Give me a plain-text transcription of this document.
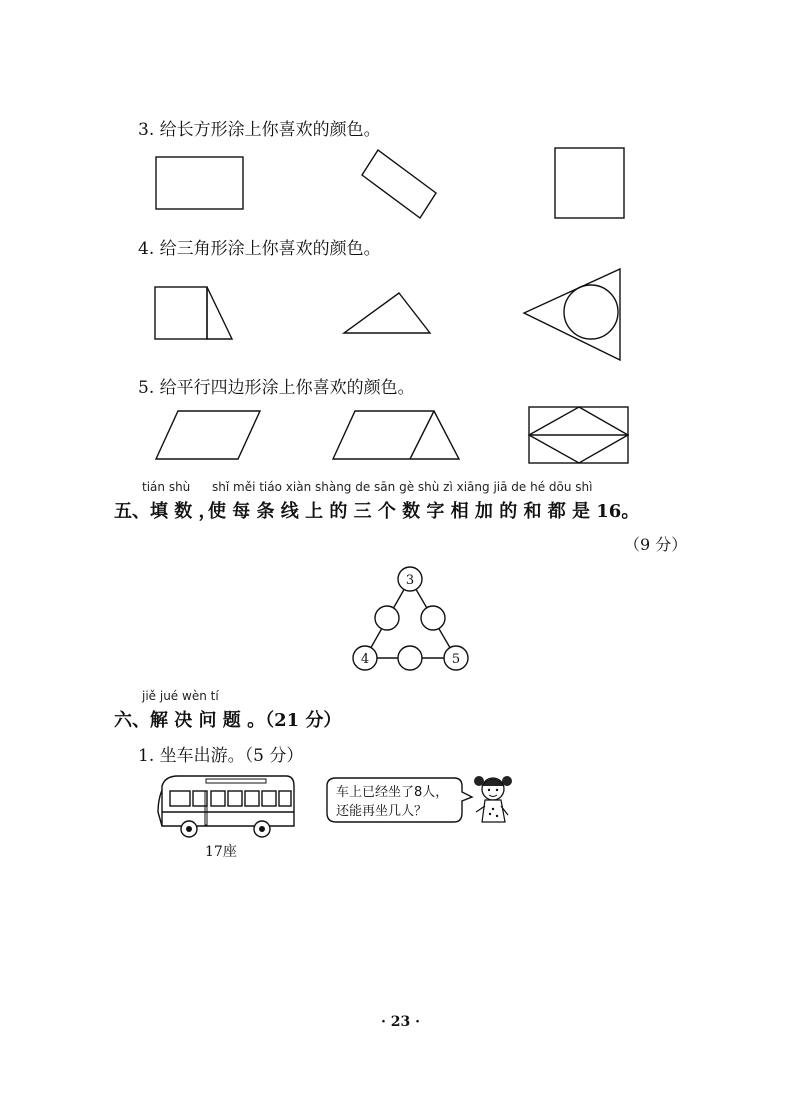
3. 给长方形涂上你喜欢的颜色。
4. 给三角形涂上你喜欢的颜色。
5. 给平行四边形涂上你喜欢的颜色。
tián shù shǐ měi tiáo xiàn shàng de sān gè shù zì xiāng jiā de hé dōu shì
五、填 数 ，
使 每 条 线 上 的 三 个 数 字 相 加 的 和 都 是 16。
（9 分）
3
4	5
jiě jué wèn tí
六、解 决 问 题 。（21 分）
1. 坐车出游。（5 分）
17座
车上已经坐了8人，
还能再坐几人？
· 23 ·
